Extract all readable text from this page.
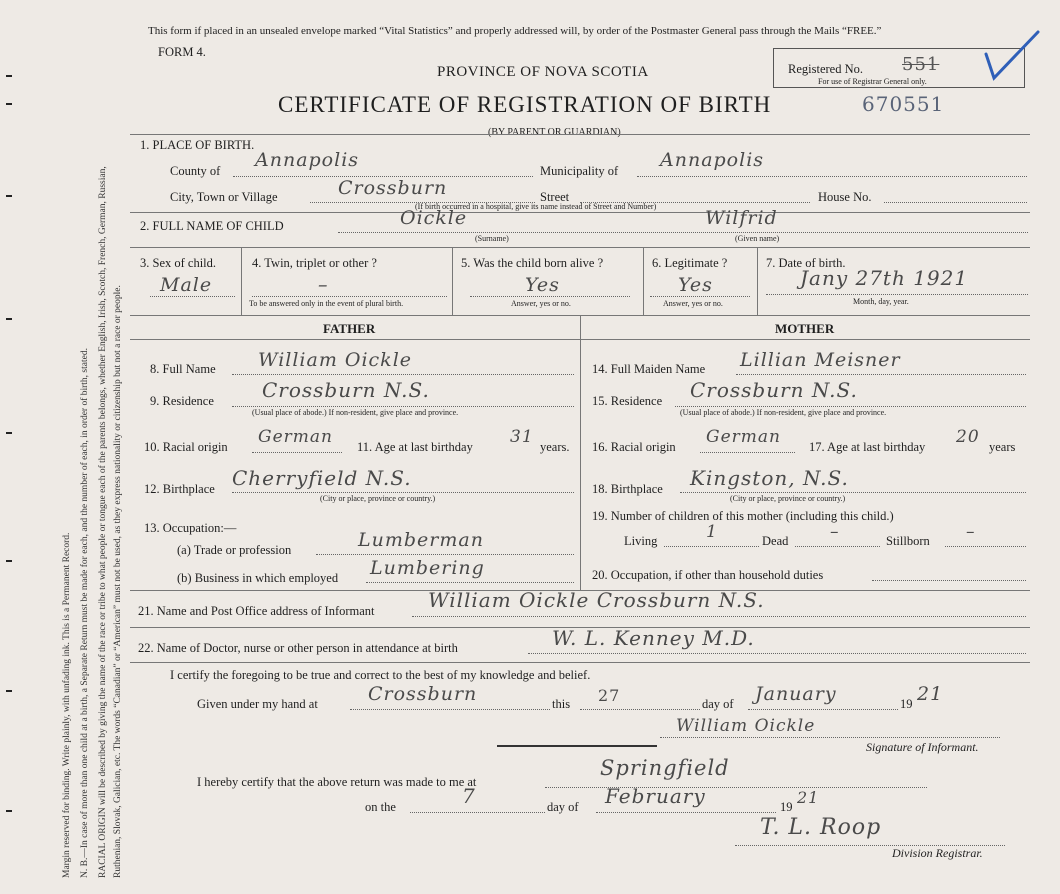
Margin reserved for binding. Write plainly, with unfading ink. This is a Permanent Record. N. B.—In case of more than one child at a birth, a Separate Return must be made for each, and the number of each, in order of birth, stated. RACIAL ORIGIN will be described by giving the name of the race or tribe to what people or tongue each of the parents belongs, whether English, Irish, Scotch, French, German, Russian, Ruthenian, Slovak, Galician, etc. The words “Canadian” or “American” must not be used, as they express nationality or citizenship but not a race or people.
This form if placed in an unsealed envelope marked “Vital Statistics” and properly addressed will, by order of the Postmaster General pass through the Mails “FREE.”
FORM 4.
PROVINCE OF NOVA SCOTIA
CERTIFICATE OF REGISTRATION OF BIRTH	670551
(BY PARENT OR GUARDIAN)
Registered No. 551
For use of Registrar General only.
1. PLACE OF BIRTH.
County of Annapolis	Municipality of Annapolis
City, Town or Village	Crossburn	Street
(If birth occurred in a hospital, give its name instead of Street and Number)
House No.
2. FULL NAME OF CHILD	Oickle	Wilfrid
(Surname)	(Given name)
3. Sex of child.
Male
4. Twin, triplet or other ?
–
To be answered only in the event of plural birth.
5. Was the child born alive ?
Yes
Answer, yes or no.
6. Legitimate ?
Yes
Answer, yes or no.
7. Date of birth.
Jany 27th 1921
Month, day, year.
FATHER	MOTHER
8. Full Name William Oickle
9. Residence Crossburn N.S.
(Usual place of abode.) If non-resident, give place and province.
10. Racial origin German 11. Age at last birthday 31 years.
12. Birthplace Cherryfield N.S.
(City or place, province or country.)
13. Occupation:—
(a) Trade or profession	Lumberman
(b) Business in which employed Lumbering
14. Full Maiden Name Lillian Meisner
15. Residence Crossburn N.S.
(Usual place of abode.) If non-resident, give place and province.
16. Racial origin German 17. Age at last birthday 20 years
18. Birthplace Kingston, N.S.
(City or place, province or country.)
19. Number of children of this mother (including this child.)
Living	1	Dead –	Stillborn –
20. Occupation, if other than household duties
21. Name and Post Office address of Informant	William Oickle Crossburn N.S.
22. Name of Doctor, nurse or other person in attendance at birth	W. L. Kenney M.D.
I certify the foregoing to be true and correct to the best of my knowledge and belief.
Given under my hand at	Crossburn	this 27	day of January	19 21
William Oickle
Signature of Informant.
I hereby certify that the above return was made to me at
Springfield
on the	7	day of February	19 21
T. L. Roop
Division Registrar.
